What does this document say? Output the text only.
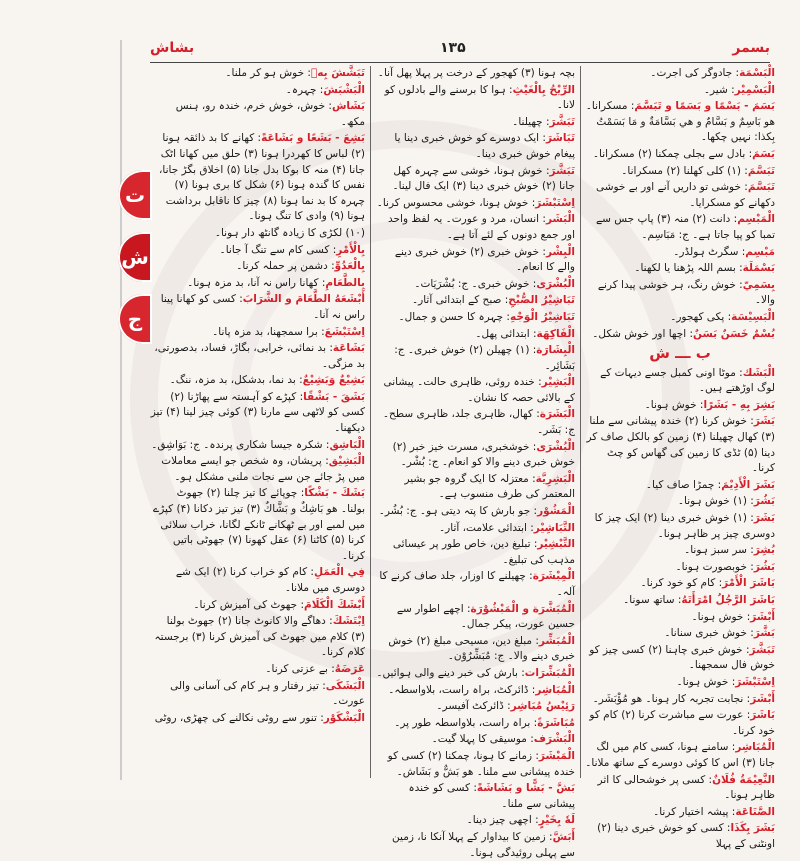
بشاش	۱۳۵	بسمر
ت
ش
ج
الْبَسْمَة: جادوگر کی اجرت۔
الْبَسْمِيْر: شیر۔
بَسَمَ - بَسْمًا و بَسَمًا و تَبَسَّمَ: مسکرانا۔ هو بَاسِمٌ و بَسَّامٌ و هي بَسَّامَةٌ و مَا بَسَمْتُ بِكذا: نہیں چکھا۔
بَسَمَ: بادل سے بجلی چمکنا (۲) مسکرانا۔
تَبَسَّمَ: (۱) کلی کھلنا (۲) مسکرانا۔
تَبَسَّمَ: خوشی تو داریں آنے اور بے خوشی دکھانے کو مسکرایا۔
الْمَبْسِم: دانت (۲) منہ (۳) پاپ جس سے تمبا کو پیا جاتا ہے۔ ج: مَبَاسِم۔
مَبْسِم: سگرٹ ہولڈر۔
بَسْمَلَة: بسم اللہ پڑھنا یا لکھنا۔
بِسَمِيّ: خوش رنگ، ہر خوشی پیدا کرنے والا۔
الْبَسِيْسَة: پکی کھجور۔
بُسْمٌ خَسَنٌ بَسَنٌ: اچھا اور خوش شکل۔
ب ـــ ش
الْبَشَك: موٹا اونی کمبل جسے دیہات کے لوگ اوڑھتے ہیں۔
بَشِرَ بِهِ - بَشَرًا: خوش ہونا۔
بَشَرَ: خوش کرنا (۲) خندہ پیشانی سے ملنا (۳) کھال چھیلنا (۴) زمین کو بالکل صاف کر دینا (۵) ٹڈی کا زمین کی گھاس کو چٹ کرنا۔
بَشَرَ الْأَدِيْمَ: چمڑا صاف کیا۔
بَشُرَ: (۱) خوش ہونا۔
بَشَرَ: (۱) خوش خبری دینا (۲) ایک چیز کا دوسری چیز پر ظاہر ہونا۔
بُشِرَ: سر سبز ہونا۔
بَشُرَ: خوبصورت ہونا۔
بَاشَرَ الْأَمْرَ: کام کو خود کرنا۔
بَاشَرَ الرَّجُلُ امْرَأَتَهُ: ساتھ سونا۔
أَبْشَرَ: خوش ہونا۔
بَشَّرَ: خوش خبری سنانا۔
تَبَشَّرَ: خوش خبری چاہنا (۲) کسی چیز کو خوش فال سمجھنا۔
اِسْتَبْشَرَ: خوش ہونا۔
أَبْشَرَ: نجابت تجربہ کار ہونا۔ هو مُؤْبَشَر۔
بَاشَرَ: عورت سے مباشرت کرنا (۲) کام کو خود کرنا۔
الْمُبَاشِر: سامنے ہونا، کسی کام میں لگ جانا (۳) اس کا کوئی دوسرے کے ساتھ ملانا۔
النَّعِيْمَةُ فُلَانٌ: کسی پر خوشحالی کا اثر ظاہر ہونا۔
الصَّنَاعَة: پیشہ اختیار کرنا۔
بَشَرَ بِكَذَا: کسی کو خوش خبری دینا (۲) اونٹنی کے پہلا
بچہ ہونا (۳) کھجور کے درخت پر پہلا پھل آنا۔
الرِّيْحُ بِالْغَيْثِ: ہوا کا برسنے والے بادلوں کو لانا۔
تَبَشَّرَ: چھیلنا۔
تَبَاشَرَ: ایک دوسرے کو خوش خبری دینا یا پیغام خوش خبری دینا۔
تَبَشَّرَ: خوش ہونا، خوشی سے چہرہ کھل جانا (۲) خوش خبری دینا (۳) ایک فال لینا۔
اِسْتَبْشَرَ: خوش ہونا، خوشی محسوس کرنا۔
الْبَشَر: انسان، مرد و عورت۔ یہ لفظ واحد اور جمع دونوں کے لئے آتا ہے۔
الْبِشْر: خوش خبری (۲) خوش خبری دینے والے کا انعام۔
الْبُشْرَى: خوش خبری۔ ج: بُشْرَيَات۔
تَبَاشِيْرُ الصُّبْحِ: صبح کے ابتدائی آثار۔
تَبَاشِيْرُ الْوَجْهِ: چہرہ کا حسن و جمال۔
الْفَاكِهَة: ابتدائی پھل۔
الْبِشَارَة: (۱) چھیلن (۲) خوش خبری۔ ج: بَشَائِر۔
الْبَشِيْر: خندہ روئی، ظاہری حالت۔ پیشانی کے بالائی حصہ کا نشان۔
الْبَشَرَة: کھال، ظاہری جلد، ظاہری سطح۔ ج: بَشَر۔
الْبُشْرَى: خوشخبری، مسرت خیز خبر (۲) خوش خبری دینے والا کو انعام۔ ج: بُشْر۔
الْبَشِرِيَّة: معتزلہ کا ایک گروہ جو بشیر المعتمر کی طرف منسوب ہے۔
الْمَشُوْر: جو بارش کا پتہ دیتی ہو۔ ج: بُشُر۔
التَّبَاشِيْر: ابتدائی علامت، آثار۔
التَّبْشِيْر: تبلیغ دین، خاص طور پر عیسائی مذہب کی تبلیغ۔
الْمِبْشَرَة: چھیلنے کا اوزار، جلد صاف کرنے کا آلہ۔
الْمُبَشَّرَة و الْمَبْشُوْرَة: اچھے اطوار سے حسین عورت، پیکر جمال۔
الْمُبَشِّر: مبلغ دین، مسیحی مبلغ (۲) خوش خبری دینے والا۔ ج: مُبَشِّرُوْن۔
الْمُبَشِّرَات: بارش کی خبر دینے والی ہوائیں۔
الْمُبَاشِر: ڈائرکٹ، براہ راست، بلاواسطہ۔
رَئِيْسُ مُبَاشِر: ڈائرکٹ آفیسر۔
مُبَاشَرَةً: براہ راست، بلاواسطہ طور پر۔
الْبَشْرَف: موسیقی کا پہلا گیت۔
الْمَبْشَرَ: زمانے کا ہونا، چمکنا (۲) کسی کو خندہ پیشانی سے ملنا۔ هو بَشٌّ و بَشَاش۔
بَشَّ - بَشًّا و بَشَاشَةً: کسی کو خندہ پیشانی سے ملنا۔
لَهٗ بِخَيْرٍ: اچھی چیز دینا۔
أَبَشَّ: زمین کا بیداوار کے پہلا آنکا نا، زمین سے پہلی روئیدگی ہونا۔
تَبَشَّشَ بِهٖ: خوش ہو کر ملنا۔
الْبَشْبَشَ: چہرہ۔
بَشَاش: خوش، خوش خرم، خندہ رو، ہنس مکھ۔
بَشِعَ - بَشَعًا و بَشَاعَةً: کھانے کا بد ذائقہ ہونا (۲) لباس کا کھردرا ہونا (۳) حلق میں کھانا اٹک جانا (۴) منہ کا بوکا بدل جانا (۵) اخلاق بگڑ جانا، نفس کا گندہ ہونا (۶) شکل کا بری ہونا (۷) چہرہ کا بد نما ہونا (۸) چیز کا ناقابل برداشت ہونا (۹) وادی کا تنگ ہونا۔
(۱۰) لکڑی کا زیادہ گانٹھ دار ہونا۔
بِالْأَمْرِ: کسی کام سے تنگ آ جانا۔
بِالْعَدُوِّ: دشمن پر حملہ کرنا۔
بِالطَّعَامِ: کھانا راس نہ آنا، بد مزہ ہونا۔
أَبْشَعَهُ الطَّعَامَ و الشَّرَابَ: کسی کو کھانا پینا راس نہ آنا۔
اِسْتَبْشَعَ: برا سمجھنا، بد مزہ پانا۔
بَشَاعَة: بد نمائی، خرابی، بگاڑ، فساد، بدصورتی، بد مزگی۔
بَشِيْعٌ وَبَشِيْعٌ: بد نما، بدشکل، بد مزہ، ننگ۔
بَشَقَ - بَشْقًا: کپڑے کو آہستہ سے پھاڑنا (۲) کسی کو لاٹھی سے مارنا (۳) کوئی چیز لینا (۴) تیز دیکھنا۔
الْبَاشِق: شکرہ جیسا شکاری پرندہ۔ ج: بَوَاشِق۔
الْبَشِيْق: پریشان، وہ شخص جو ایسے معاملات میں پڑ جائے جن سے نجات ملنی مشکل ہو۔
بَشَكَ - بَشْكًا: چوپائے کا تیز چلنا (۲) جھوٹ بولنا۔ هو بَاشِكٌ و بَشَّاكٌ (۳) تیز تیز دکانا (۴) کپڑے میں لمبے اور بے ٹھکانے ٹانکے لگانا، خراب سلائی کرنا (۵) کاٹنا (۶) عقل کھونا (۷) جھوٹی باتیں کرنا۔
فِي الْعَمَلِ: کام کو خراب کرنا (۲) ایک شے دوسری میں ملانا۔
أَبْشَكَ الْكَلَامَ: جھوٹ کی آمیزش کرنا۔
اِبْتَشَكَ: دھاگے والا کانوٹ جانا (۲) جھوٹ بولنا (۳) کلام میں جھوٹ کی آمیزش کرنا (۳) برجستہ کلام کرنا۔
عَرَضَهُ: بے عزتی کرنا۔
الْبَشَكَى: تیز رفتار و ہر کام کی آسانی والی عورت۔
الْبَشْكَوْر: تنور سے روٹی نکالنے کی چھڑی، روٹی
